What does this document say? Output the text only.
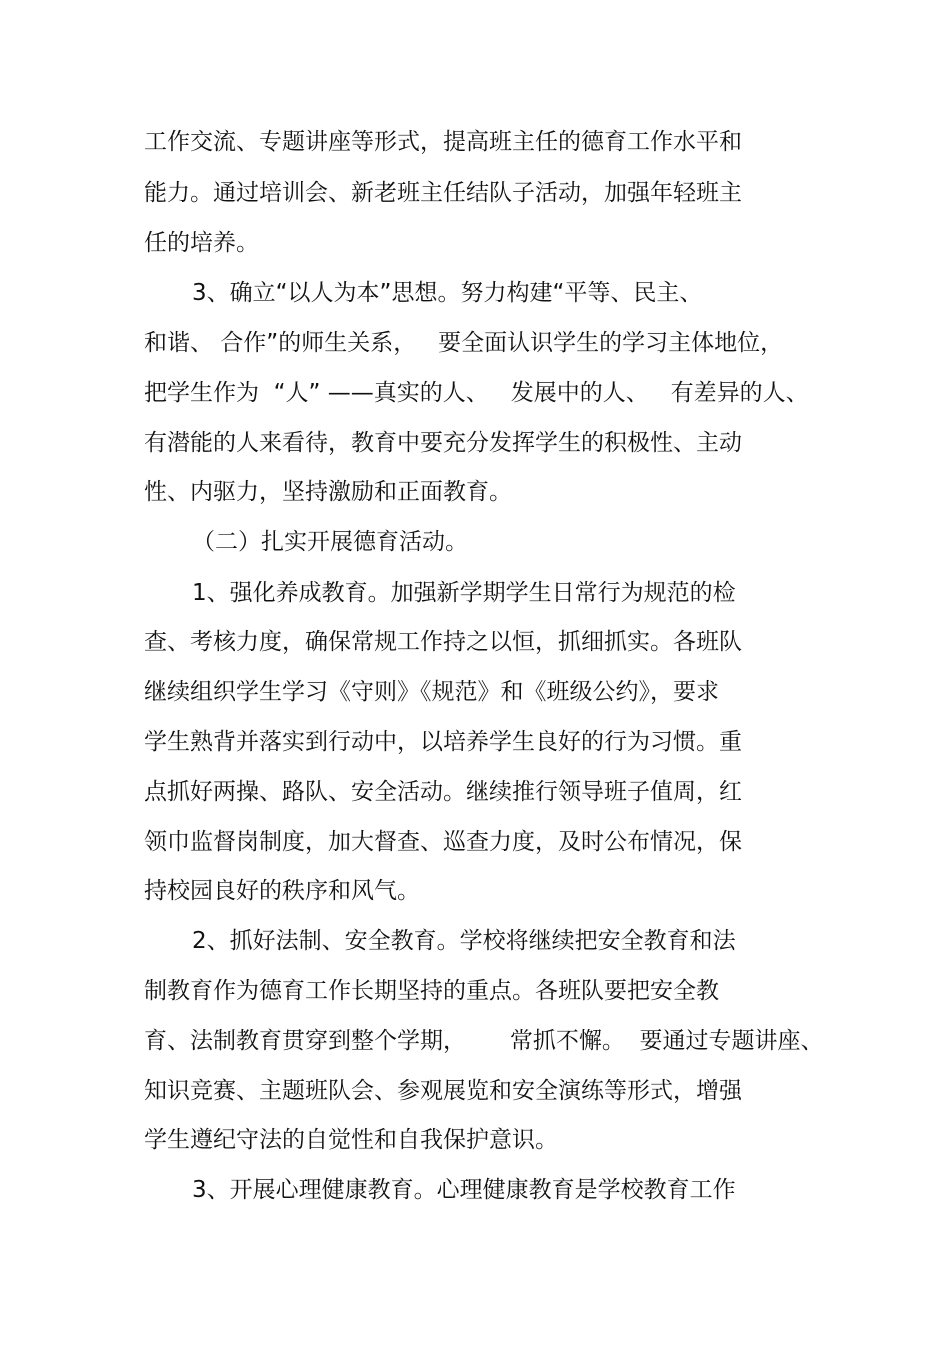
工作交流、专题讲座等形式，提高班主任的德育工作水平和
能力。通过培训会、新老班主任结队子活动，加强年轻班主
任的培养。
3、确立“以人为本”思想。努力构建“平等、民主、
和谐、 合作”的师生关系，   要全面认识学生的学习主体地位，
把学生作为  “人” ——真实的人、   发展中的人、   有差异的人、
有潜能的人来看待，教育中要充分发挥学生的积极性、主动
性、内驱力，坚持激励和正面教育。
（二）扎实开展德育活动。
1、强化养成教育。加强新学期学生日常行为规范的检
查、考核力度，确保常规工作持之以恒，抓细抓实。各班队
继续组织学生学习《守则》《规范》和《班级公约》，要求
学生熟背并落实到行动中，以培养学生良好的行为习惯。重
点抓好两操、路队、安全活动。继续推行领导班子值周，红
领巾监督岗制度，加大督查、巡查力度，及时公布情况，保
持校园良好的秩序和风气。
2、抓好法制、安全教育。学校将继续把安全教育和法
制教育作为德育工作长期坚持的重点。各班队要把安全教
育、法制教育贯穿到整个学期，      常抓不懈。  要通过专题讲座、
知识竞赛、主题班队会、参观展览和安全演练等形式，增强
学生遵纪守法的自觉性和自我保护意识。
3、开展心理健康教育。心理健康教育是学校教育工作
